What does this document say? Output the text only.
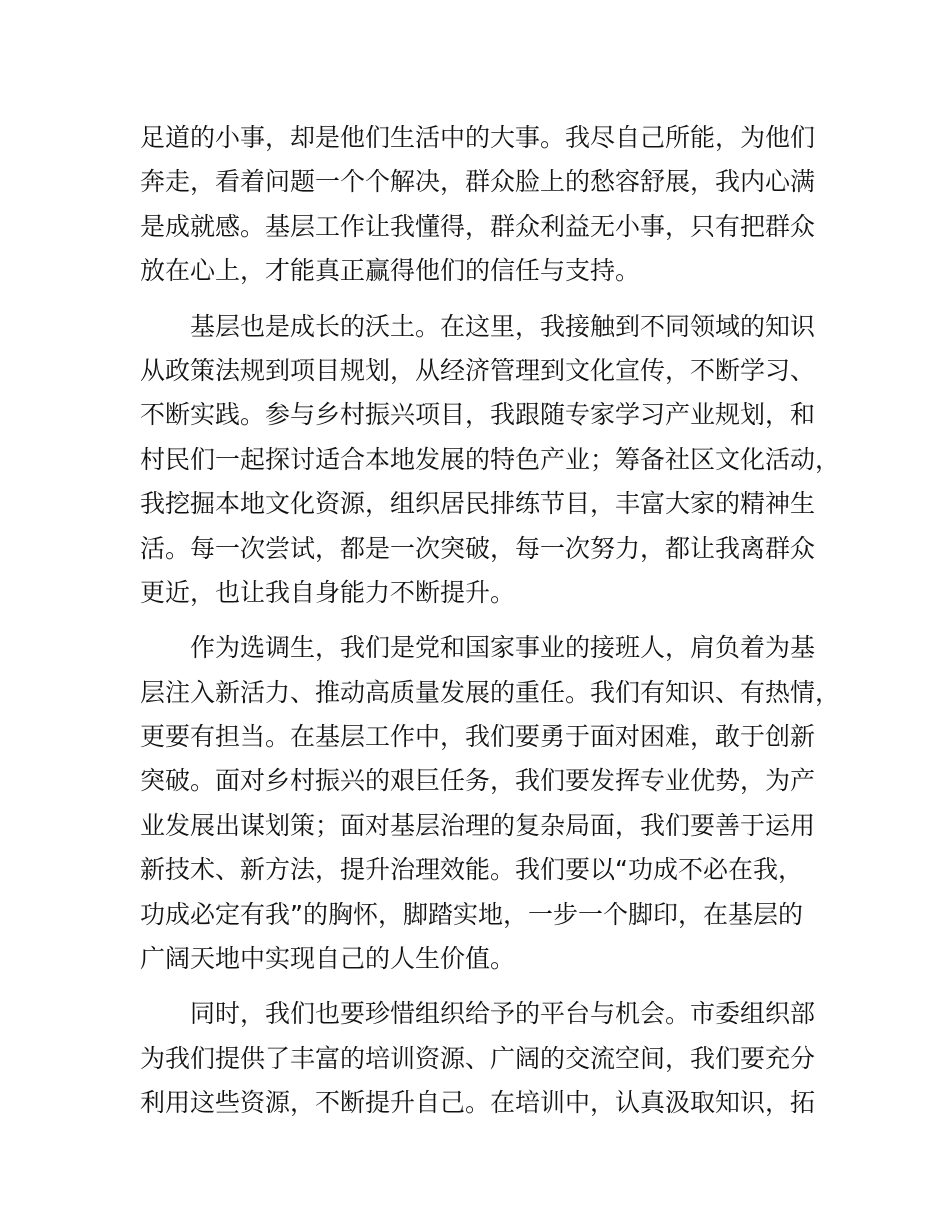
足道的小事，却是他们生活中的大事。我尽自己所能，为他们
奔走，看着问题一个个解决，群众脸上的愁容舒展，我内心满
是成就感。基层工作让我懂得，群众利益无小事，只有把群众
放在心上，才能真正赢得他们的信任与支持。
基层也是成长的沃土。在这里，我接触到不同领域的知识
从政策法规到项目规划，从经济管理到文化宣传，不断学习、
不断实践。参与乡村振兴项目，我跟随专家学习产业规划，和
村民们一起探讨适合本地发展的特色产业；筹备社区文化活动，
我挖掘本地文化资源，组织居民排练节目，丰富大家的精神生
活。每一次尝试，都是一次突破，每一次努力，都让我离群众
更近，也让我自身能力不断提升。
作为选调生，我们是党和国家事业的接班人，肩负着为基
层注入新活力、推动高质量发展的重任。我们有知识、有热情，
更要有担当。在基层工作中，我们要勇于面对困难，敢于创新
突破。面对乡村振兴的艰巨任务，我们要发挥专业优势，为产
业发展出谋划策；面对基层治理的复杂局面，我们要善于运用
新技术、新方法，提升治理效能。我们要以“功成不必在我，
功成必定有我”的胸怀，脚踏实地，一步一个脚印，在基层的
广阔天地中实现自己的人生价值。
同时，我们也要珍惜组织给予的平台与机会。市委组织部
为我们提供了丰富的培训资源、广阔的交流空间，我们要充分
利用这些资源，不断提升自己。在培训中，认真汲取知识，拓
